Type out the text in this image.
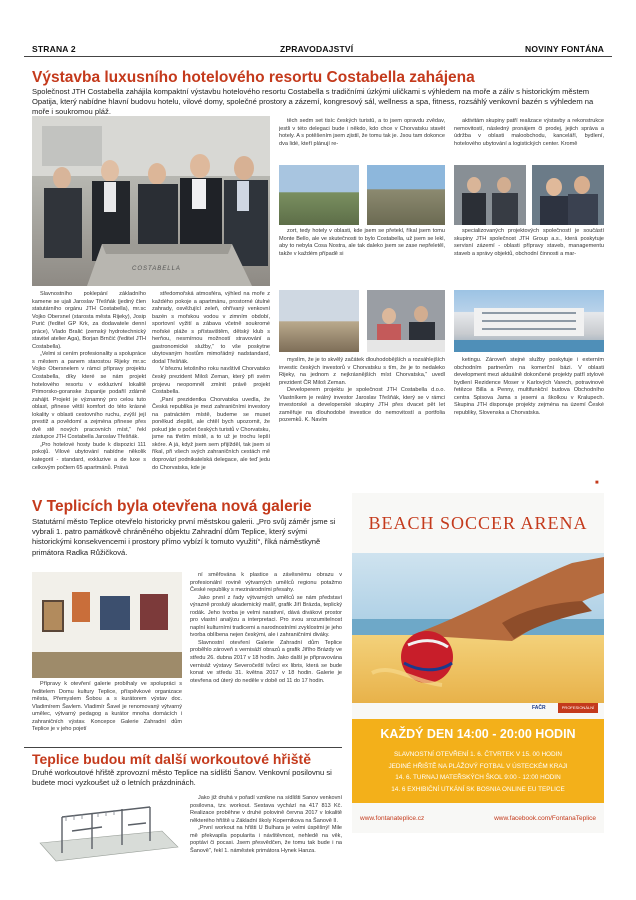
STRANA 2	ZPRAVODAJSTVÍ	NOVINY FONTÁNA
Výstavba luxusního hotelového resortu Costabella zahájena
Společnost JTH Costabella zahájila kompaktní výstavbu hotelového resortu Costabella s tradičními úzkými uličkami s výhledem na moře a záliv s historickým městem Opatija, který nabídne hlavní budovu hotelu, vilové domy, společné prostory a zázemí, kongresový sál, wellness a spa, fitness, rozsáhlý venkovní bazén s výhledem na moře i soukromou pláž.
COSTABELLA

Slavnostního poklepání základního kamene se ujali Jaroslav Třešňák (jediný člen statutárního orgánu JTH Costabella), mr.sc Vojko Obersnel (starosta města Rijeky), Josip Purić (ředitel GP Krk, za dodavatele denní práce), Vlado Bralić (zemský hydrotechnický stavitel atelier Aga), Borjan Brnčić (ředitel JTH Costabella).

„Velmi si cením profesionality a spolupráce s městem a panem starostou Rijeky mr.sc Vojko Obersnelem v rámci přípravy projektu Costabella, díky které se nám projekt hotelového resortu v exkluzivní lokalitě Primorsko-goranske županije podařil zdárně zahájit. Projekt je významný pro celou tuto oblast, přinese větší komfort do této krásné lokality v oblasti cestovního ruchu, zvýší její prestiž a povědomí a zejména přinese přes dvě stě nových pracovních míst,“ řekl zástupce JTH Costabella Jaroslav Třešňák.

„Pro hotelové hosty bude k dispozici 111 pokojů. Vilové ubytování nabídne několik kategorií - standard, exkluzive a de luxe s celkovým počtem 65 apartmánů. Prává

středomořská atmosféra, výhled na moře z každého pokoje a apartmánu, prostorné útulné zahrady, osvěžující zeleň, ohřívaný venkovní bazén s mořskou vodou v zimním období, sportovní vyžití a zábava včetně soukromé mořské pláže s přístavištěm, dětský klub s herňou, nesmírnou možností stravování a gastronomické služby,“ to vše poskytne ubytovaným hostům mimořádný nadstandard, dodal Třešňák.

V březnu letošního roku navštívil Chorvatsko český prezident Miloš Zeman, který při svém projevu neopomněl zmínit právě projekt Costabella.

„Paní prezidentka Chorvatska uvedla, že Česká republika je mezi zahraničními investory na patnáctém místě, budeme se muset poněkud zlepšit, ale chtěl bych upozornit, že pokud jde o počet českých turistů v Chorvatsku, jsme na třetím místě, a to už je trochu lepší skóre. A já, když jsem sem přijížděl, tak jsem si říkal, při všech svých zahraničních cestách mě doprovází podnikatelská delegace, ale teď jedu do Chorvatska, kde je

těch sedm set tisíc českých turistů, a to jsem opravdu zvědav, jestli v této delegaci bude i někdo, kdo chce v Chorvatsku stavět hotely. A s potěšením jsem zjistil, že tomu tak je. Jsou tam dokonce dva lidé, kteří plánují re-

zort, tedy hotely v oblasti, kde jsem se přetekl, říkal jsem tomu Monte Bello, ale ve skutečnosti to bylo Costabella, už jsem se lekl, aby to nebyla Cosa Nostra, ale tak daleko jsem se zase nepřeletěl, takže v každém případě si

myslím, že je to skvělý začátek dlouhodobějších a rozsáhlejších investic českých investorů v Chorvatsku s tím, že je to nedaleko Rijeky, na jednom z nejkrásnějších míst Chorvatska,“ uvedl prezident ČR Miloš Zeman.

Developerem projektu je společnost JTH Costabella d.o.o. Vlastníkem je reálný investor Jaroslav Třešňák, který se v rámci investorské a developerské skupiny JTH přes dvacet pět let zaměřuje na dlouhodobé investice do nemovitostí a portfolia pozemků. K. Navím

aktivitám skupiny patří realizace výstavby a rekonstrukce nemovitostí, následný pronájem či prodej, jejich správa a údržba v oblasti maloobchodu, kanceláří, bydlení, hotelového ubytování a logistických center. Kromě

specializovaných projektových společností je součástí skupiny JTH společnost JTH Group a.s., která poskytuje servisní zázemí - oblasti přípravy staveb, managementu staveb a správy objektů, obchodní činnosti a mar-

ketingu. Zároveň stejné služby poskytuje i externím obchodním partnerům na komerční bázi. V oblasti development mezi aktuálně dokončené projekty patří stylové bydlení Rezidence Moser v Karlových Varech, potravinové řetězce Billa a Penny, multifunkční budova Obchodního centra Spisova Jama s jesemi a školkou v Kralupech. Skupina JTH disponuje projekty zejména na území České republiky, Slovenska a Chorvatska.

V Teplicích byla otevřena nová galerie
Statutární město Teplice otevřelo historicky první městskou galerii. „Pro svůj záměr jsme si vybrali 1. patro památkově chráněného objektu Zahradní dům Teplice, který svými historickými konsekvencemi i prostory přímo vybízí k tomuto využití“, říká náměstkyně primátora Radka Růžičková.

Přípravy k otevření galerie probíhaly ve spolupráci s ředitelem Domu kultury Teplice, příspěvkové organizace města, Přemyslem Šobou a s kurátorem výstav doc. Vladimírem Šavlem. Vladimír Šavel je renomovaný výtvarný umělec, výtvarný pedagog a kurátor mnoha domácích i zahraničních výstav. Koncepce Galerie Zahradní dům Teplice je v jeho pojetí

ní směřována k plastice a závěsnému obrazu v profesionální rovině výtvarných umělců regionu potažmo České republiky s mezinárodními přesahy.

Jako první z řady výtvarných umělců se nám představí výrazně proslulý akademický malíř, grafik Jiří Brázda, teplický rodák. Jeho tvorba je velmi narativní, dává divákovi prostor pro vlastní analýzu a interpretaci. Pro svou srozumitelnost naplní kulturními tradicemi a narodnostními zvyklostmi je jeho tvorba oblíbena nejen českými, ale i zahraničními diváky.

Slavnostní otevření Galerie Zahradní dům Teplice proběhlo zároveň s vernisáží obrazů a grafik Jiřího Brázdy ve středu 26. dubna 2017 v 18 hodin. Jako další je připravována vernisáž výstavy Severočeští tvůrci ex libris, která se bude konat ve středu 31. května 2017 v 18 hodin. Galerie je otevřena od úterý do neděle v době od 11 do 17 hodin.

Teplice budou mít další workoutové hřiště
Druhé workoutové hřiště zprovozní město Teplice na sídlišti Šanov. Venkovní posilovnu si budete moci vyzkoušet už o letních prázdninách.

Jako již druhá v pořadí vznikne na sídlišti Šanov venkovní posilovna, tzv. workout. Sestava vychází na 417 813 Kč. Realizace proběhne v druhé polovině června 2017 v lokalitě některého hřiště u Základní školy Kopernikova na Šanově II.

„První workout na hřišti U Bulhara je velmi úspěšný! Mile mě překvapila popularita i návštěvnost, nehledě na věk, poptávi či pocasi. Jsem přesvědčen, že tomu tak bude i na Šanově“, řekl 1. náměstek primátora Hynek Hanza.

BEACH SOCCER ARENA
FAČR	PROFESIONÁLNÍ
KAŽDÝ DEN 14:00 - 20:00 HODIN
SLAVNOSTNÍ OTEVŘENÍ 1. 6. ČTVRTEK V 15. 00 HODIN
JEDINÉ HŘIŠTĚ NA PLÁŽOVÝ FOTBAL V ÚSTECKÉM KRAJI
14. 6. TURNAJ MATEŘSKÝCH ŠKOL 9:00 - 12:00 HODIN
14. 6 EXHIBIČNÍ UTKÁNÍ SK BOSNIA ONLINE EU TEPLICE
www.fontanateplice.cz	www.facebook.com/FontanaTeplice
■
